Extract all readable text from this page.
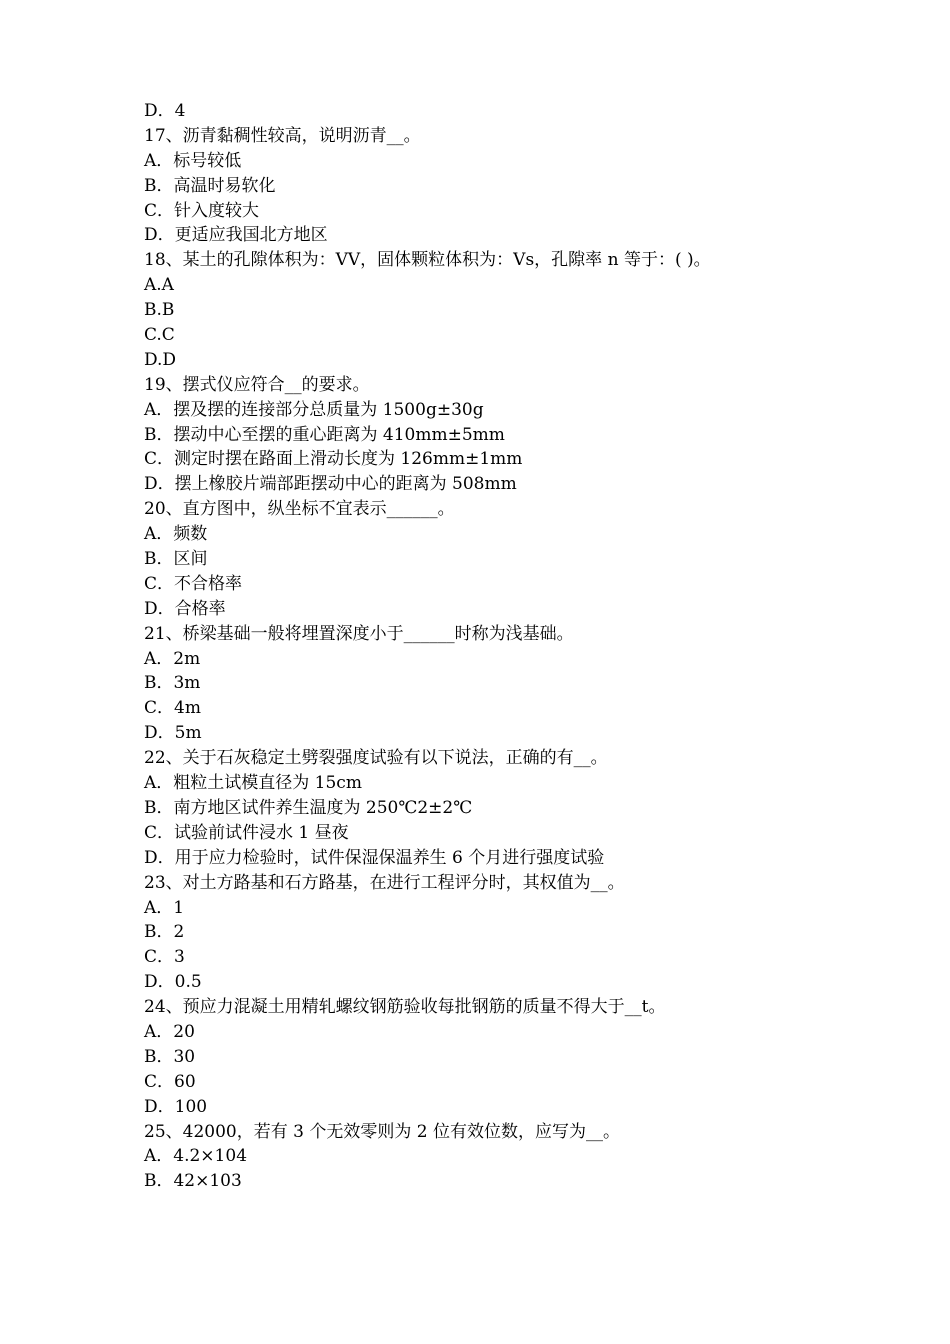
D．4
17、沥青黏稠性较高，说明沥青__。
A．标号较低
B．高温时易软化
C．针入度较大
D．更适应我国北方地区
18、某土的孔隙体积为：VV，固体颗粒体积为：Vs，孔隙率 n 等于：( )。
A.A
B.B
C.C
D.D
19、摆式仪应符合__的要求。
A．摆及摆的连接部分总质量为 1500g±30g
B．摆动中心至摆的重心距离为 410mm±5mm
C．测定时摆在路面上滑动长度为 126mm±1mm
D．摆上橡胶片端部距摆动中心的距离为 508mm
20、直方图中，纵坐标不宜表示______。
A．频数
B．区间
C．不合格率
D．合格率
21、桥梁基础一般将埋置深度小于______时称为浅基础。
A．2m
B．3m
C．4m
D．5m
22、关于石灰稳定土劈裂强度试验有以下说法，正确的有__。
A．粗粒土试模直径为 15cm
B．南方地区试件养生温度为 250℃2±2℃
C．试验前试件浸水 1 昼夜
D．用于应力检验时，试件保湿保温养生 6 个月进行强度试验
23、对土方路基和石方路基，在进行工程评分时，其权值为__。
A．1
B．2
C．3
D．0.5
24、预应力混凝土用精轧螺纹钢筋验收每批钢筋的质量不得大于__t。
A．20
B．30
C．60
D．100
25、42000，若有 3 个无效零则为 2 位有效位数，应写为__。
A．4.2×104
B．42×103
